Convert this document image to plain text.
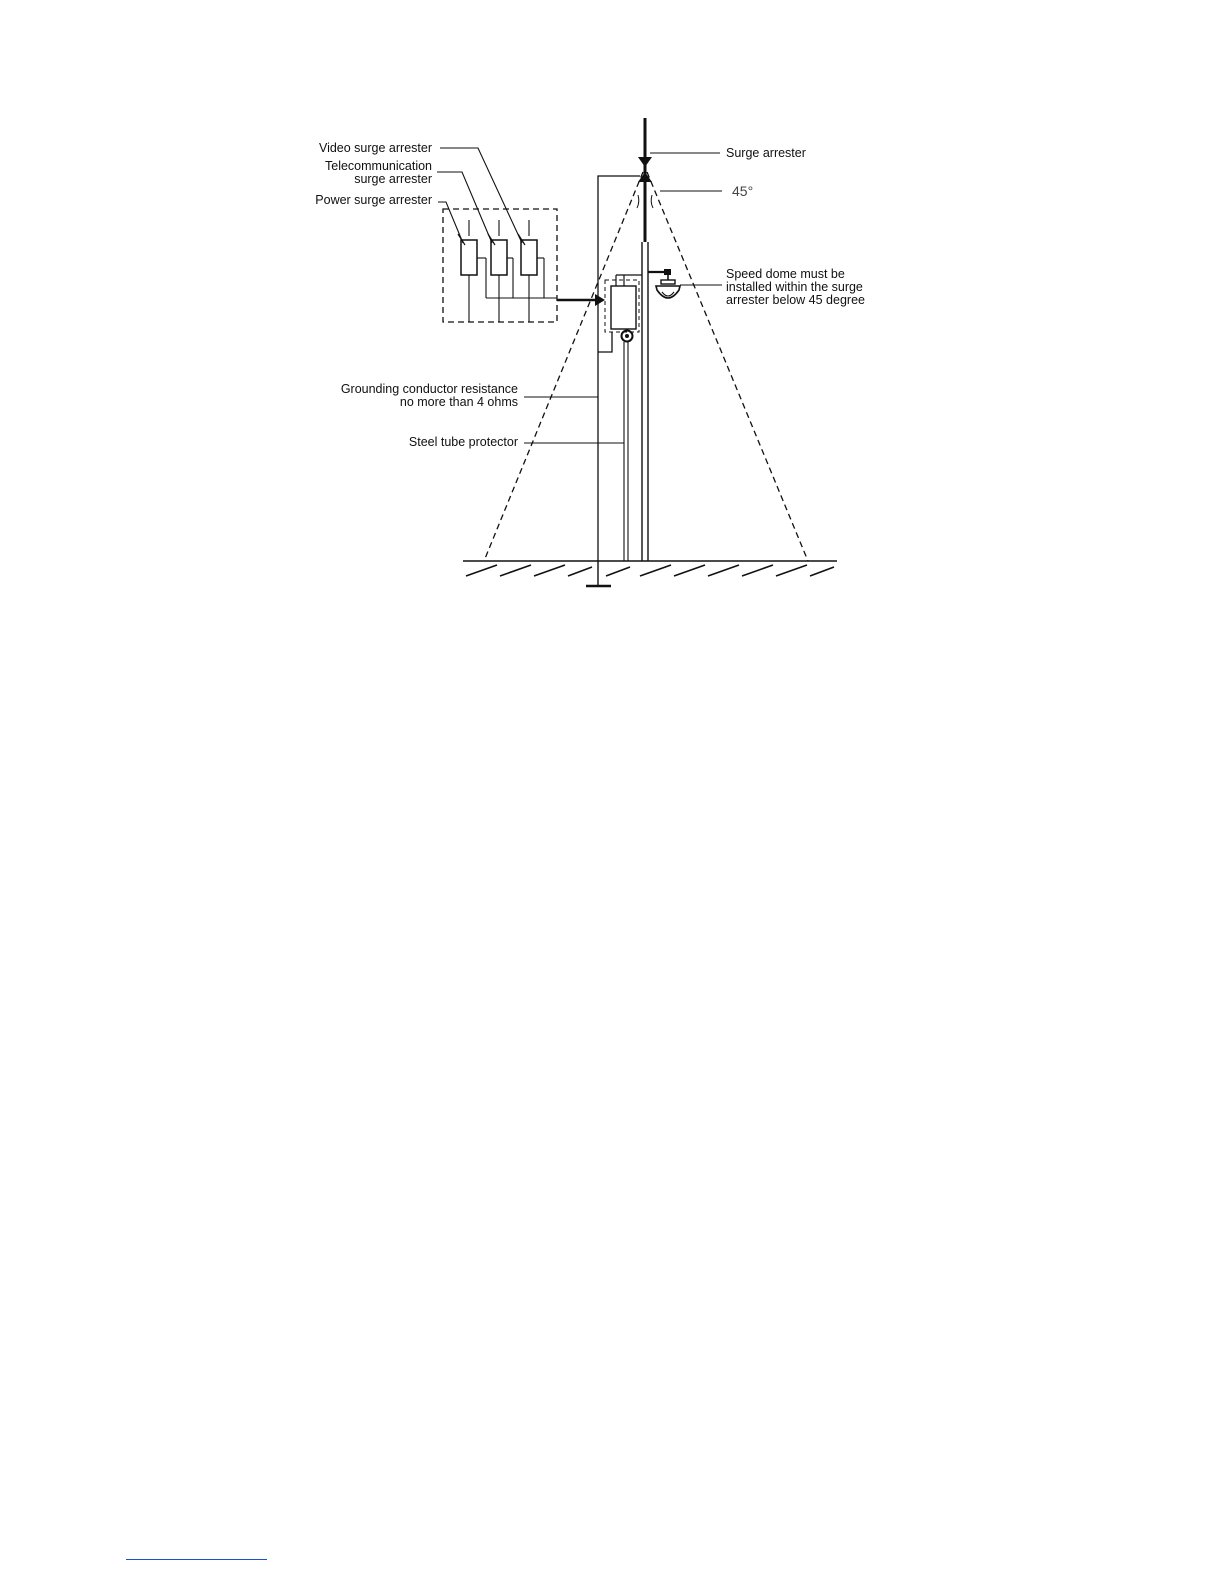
Video surge arrester
Telecommunication
surge arrester
Power surge arrester
Surge arrester
45°
Speed dome must be
installed within the surge
arrester below 45 degree
Grounding conductor resistance
no more than 4 ohms
Steel tube protector
